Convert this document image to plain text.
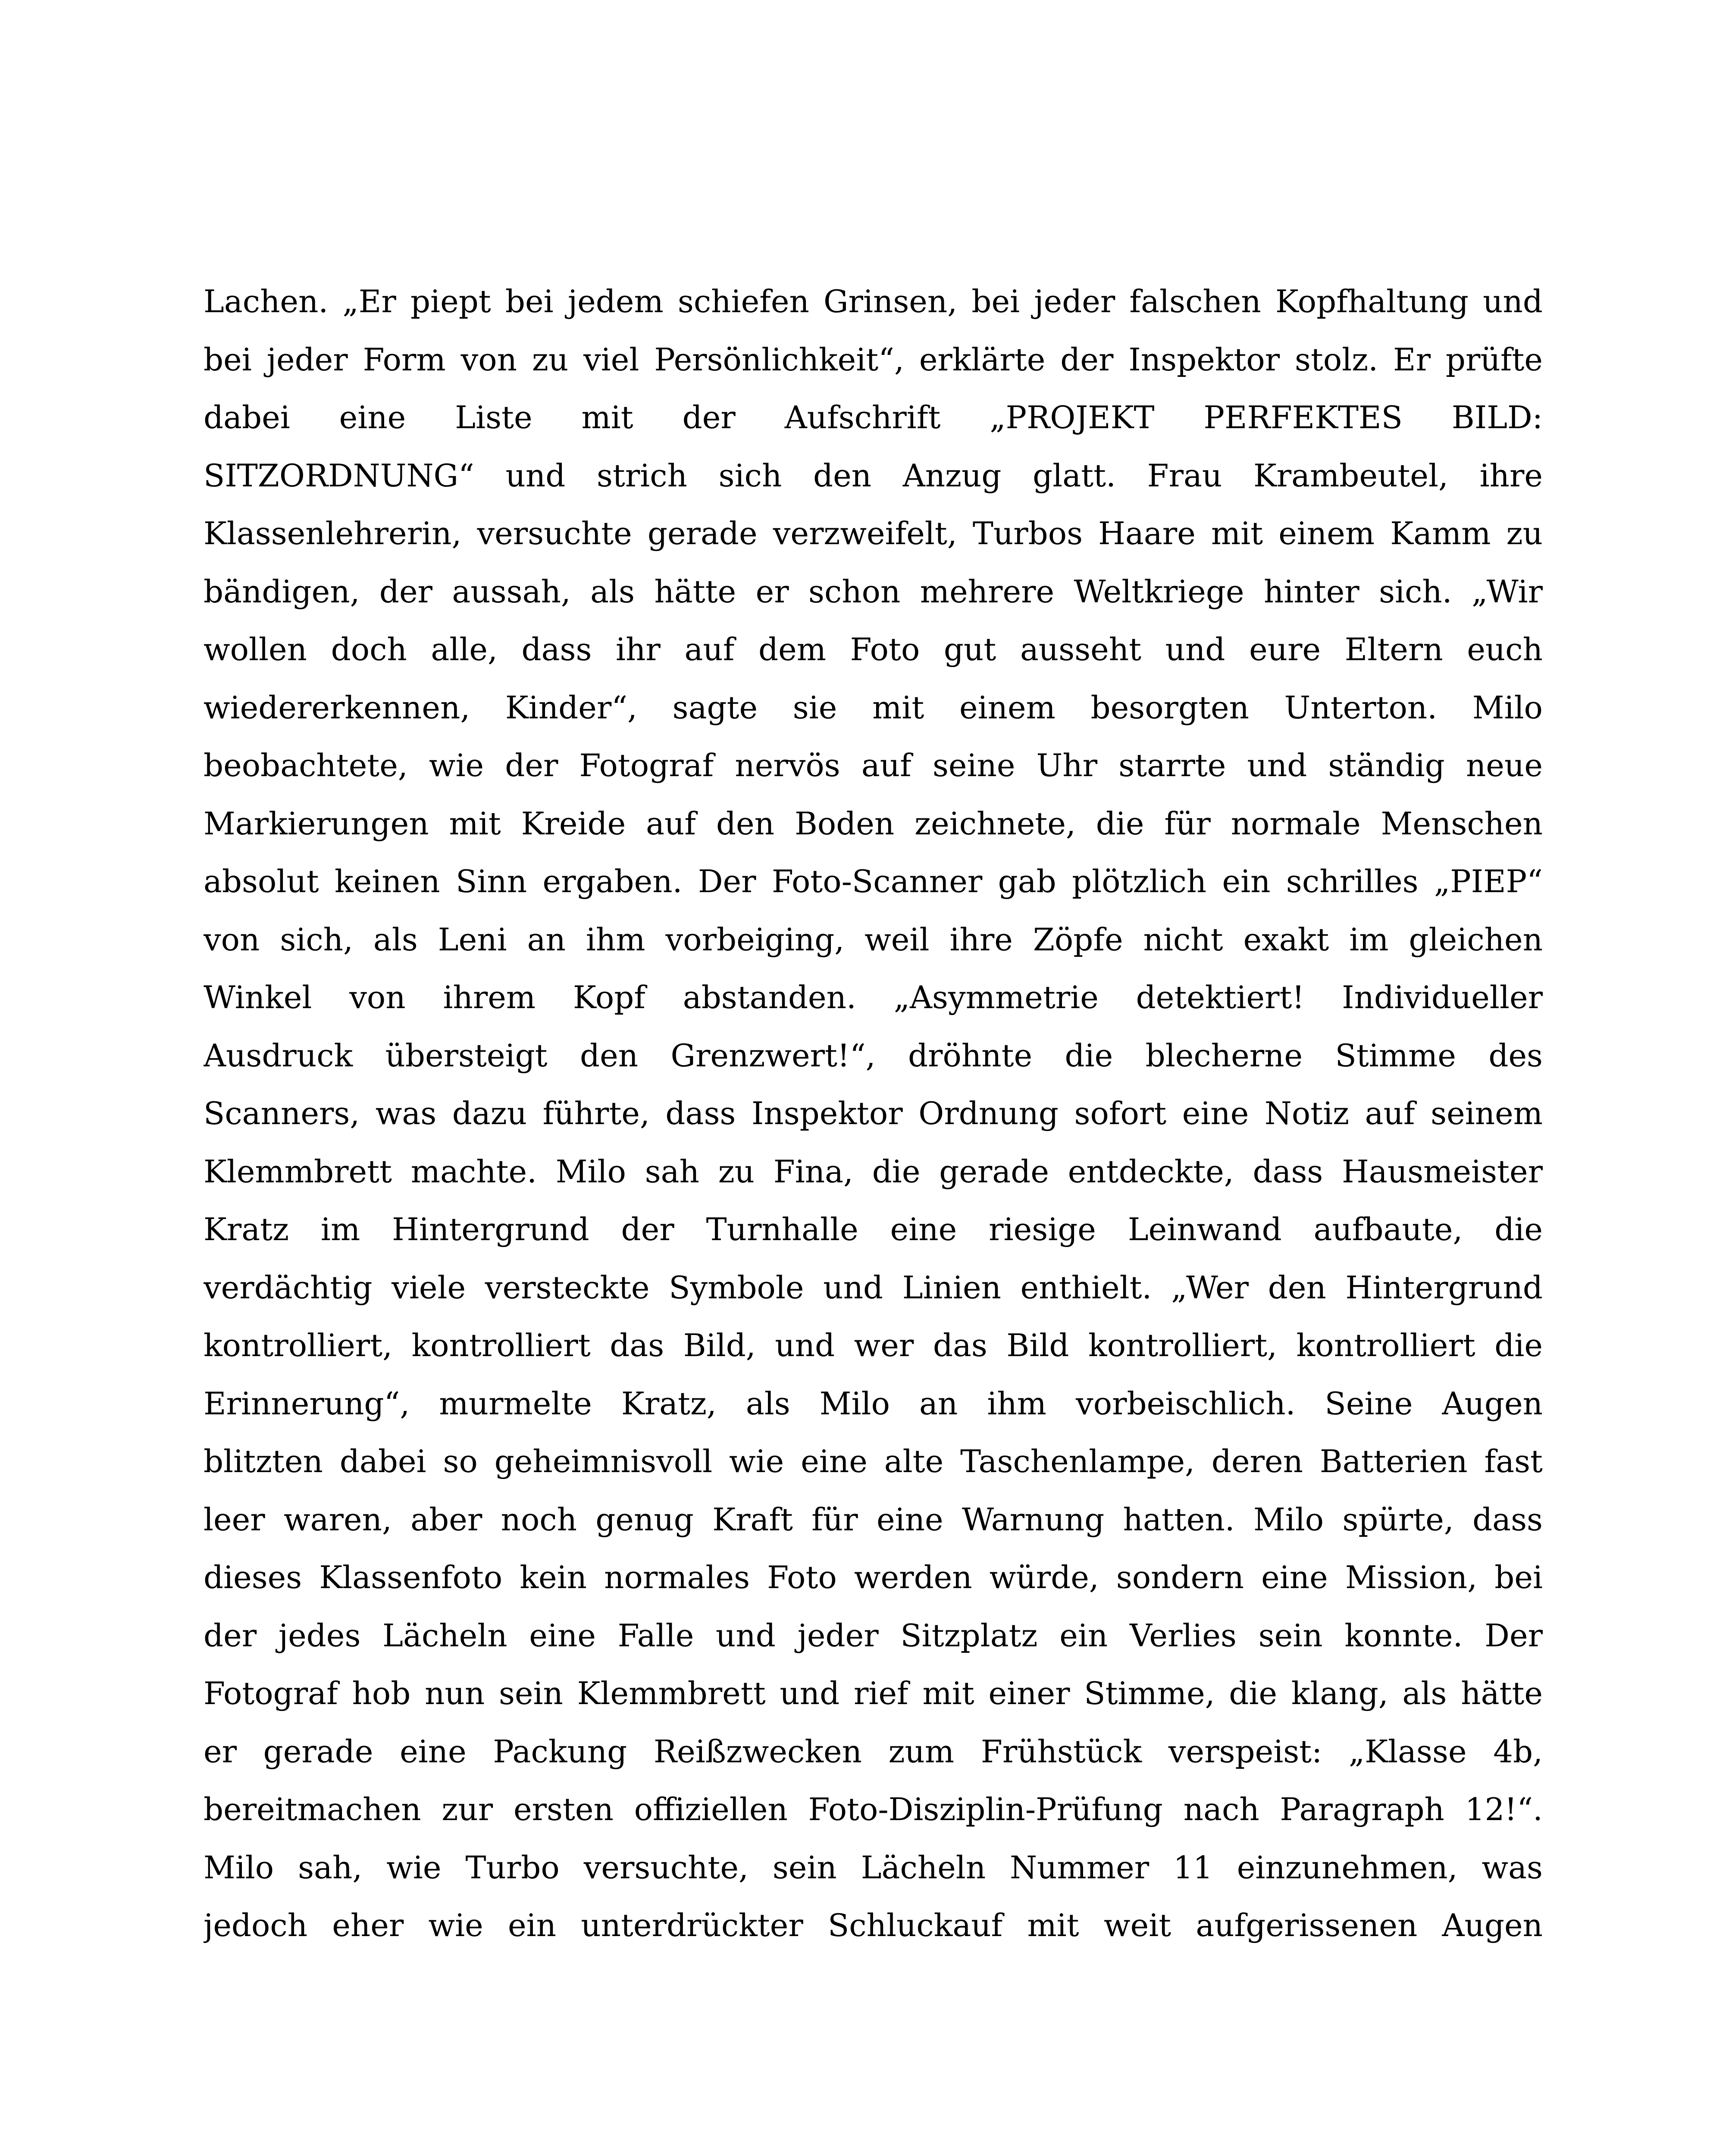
Lachen. „Er piept bei jedem schiefen Grinsen, bei jeder falschen Kopfhaltung und
bei jeder Form von zu viel Persönlichkeit“, erklärte der Inspektor stolz. Er prüfte
dabei eine Liste mit der Aufschrift „PROJEKT PERFEKTES BILD:
SITZORDNUNG“ und strich sich den Anzug glatt. Frau Krambeutel, ihre
Klassenlehrerin, versuchte gerade verzweifelt, Turbos Haare mit einem Kamm zu
bändigen, der aussah, als hätte er schon mehrere Weltkriege hinter sich. „Wir
wollen doch alle, dass ihr auf dem Foto gut ausseht und eure Eltern euch
wiedererkennen, Kinder“, sagte sie mit einem besorgten Unterton. Milo
beobachtete, wie der Fotograf nervös auf seine Uhr starrte und ständig neue
Markierungen mit Kreide auf den Boden zeichnete, die für normale Menschen
absolut keinen Sinn ergaben. Der Foto-Scanner gab plötzlich ein schrilles „PIEP“
von sich, als Leni an ihm vorbeiging, weil ihre Zöpfe nicht exakt im gleichen
Winkel von ihrem Kopf abstanden. „Asymmetrie detektiert! Individueller
Ausdruck übersteigt den Grenzwert!“, dröhnte die blecherne Stimme des
Scanners, was dazu führte, dass Inspektor Ordnung sofort eine Notiz auf seinem
Klemmbrett machte. Milo sah zu Fina, die gerade entdeckte, dass Hausmeister
Kratz im Hintergrund der Turnhalle eine riesige Leinwand aufbaute, die
verdächtig viele versteckte Symbole und Linien enthielt. „Wer den Hintergrund
kontrolliert, kontrolliert das Bild, und wer das Bild kontrolliert, kontrolliert die
Erinnerung“, murmelte Kratz, als Milo an ihm vorbeischlich. Seine Augen
blitzten dabei so geheimnisvoll wie eine alte Taschenlampe, deren Batterien fast
leer waren, aber noch genug Kraft für eine Warnung hatten. Milo spürte, dass
dieses Klassenfoto kein normales Foto werden würde, sondern eine Mission, bei
der jedes Lächeln eine Falle und jeder Sitzplatz ein Verlies sein konnte. Der
Fotograf hob nun sein Klemmbrett und rief mit einer Stimme, die klang, als hätte
er gerade eine Packung Reißzwecken zum Frühstück verspeist: „Klasse 4b,
bereitmachen zur ersten offiziellen Foto-Disziplin-Prüfung nach Paragraph 12!“.
Milo sah, wie Turbo versuchte, sein Lächeln Nummer 11 einzunehmen, was
jedoch eher wie ein unterdrückter Schluckauf mit weit aufgerissenen Augen
